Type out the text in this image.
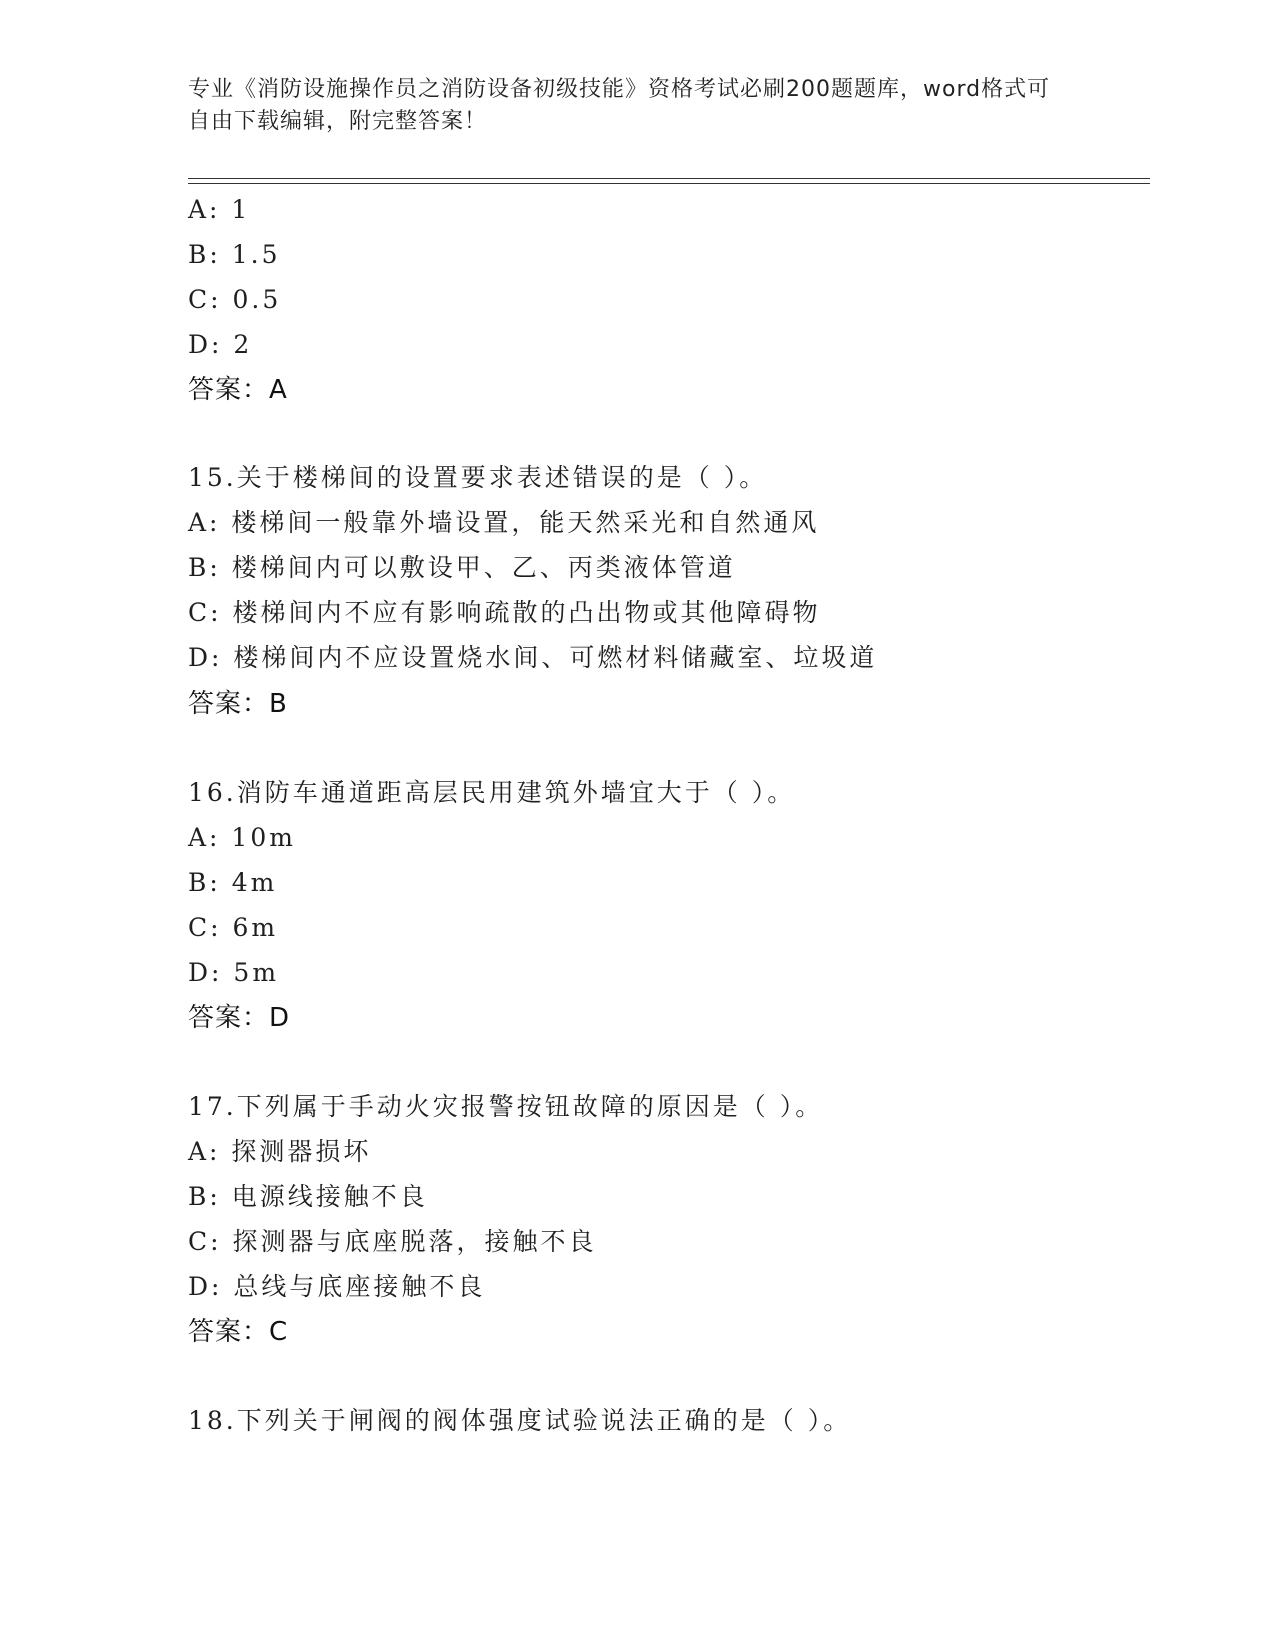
专业《消防设施操作员之消防设备初级技能》资格考试必刷200题题库，word格式可自由下载编辑，附完整答案！
A: 1
B: 1.5
C: 0.5
D: 2
答案：A
15.关于楼梯间的设置要求表述错误的是（ ）。
A: 楼梯间一般靠外墙设置，能天然采光和自然通风
B: 楼梯间内可以敷设甲、乙、丙类液体管道
C: 楼梯间内不应有影响疏散的凸出物或其他障碍物
D: 楼梯间内不应设置烧水间、可燃材料储藏室、垃圾道
答案：B
16.消防车通道距高层民用建筑外墙宜大于（ ）。
A: 10m
B: 4m
C: 6m
D: 5m
答案：D
17.下列属于手动火灾报警按钮故障的原因是（ ）。
A: 探测器损坏
B: 电源线接触不良
C: 探测器与底座脱落，接触不良
D: 总线与底座接触不良
答案：C
18.下列关于闸阀的阀体强度试验说法正确的是（ ）。
